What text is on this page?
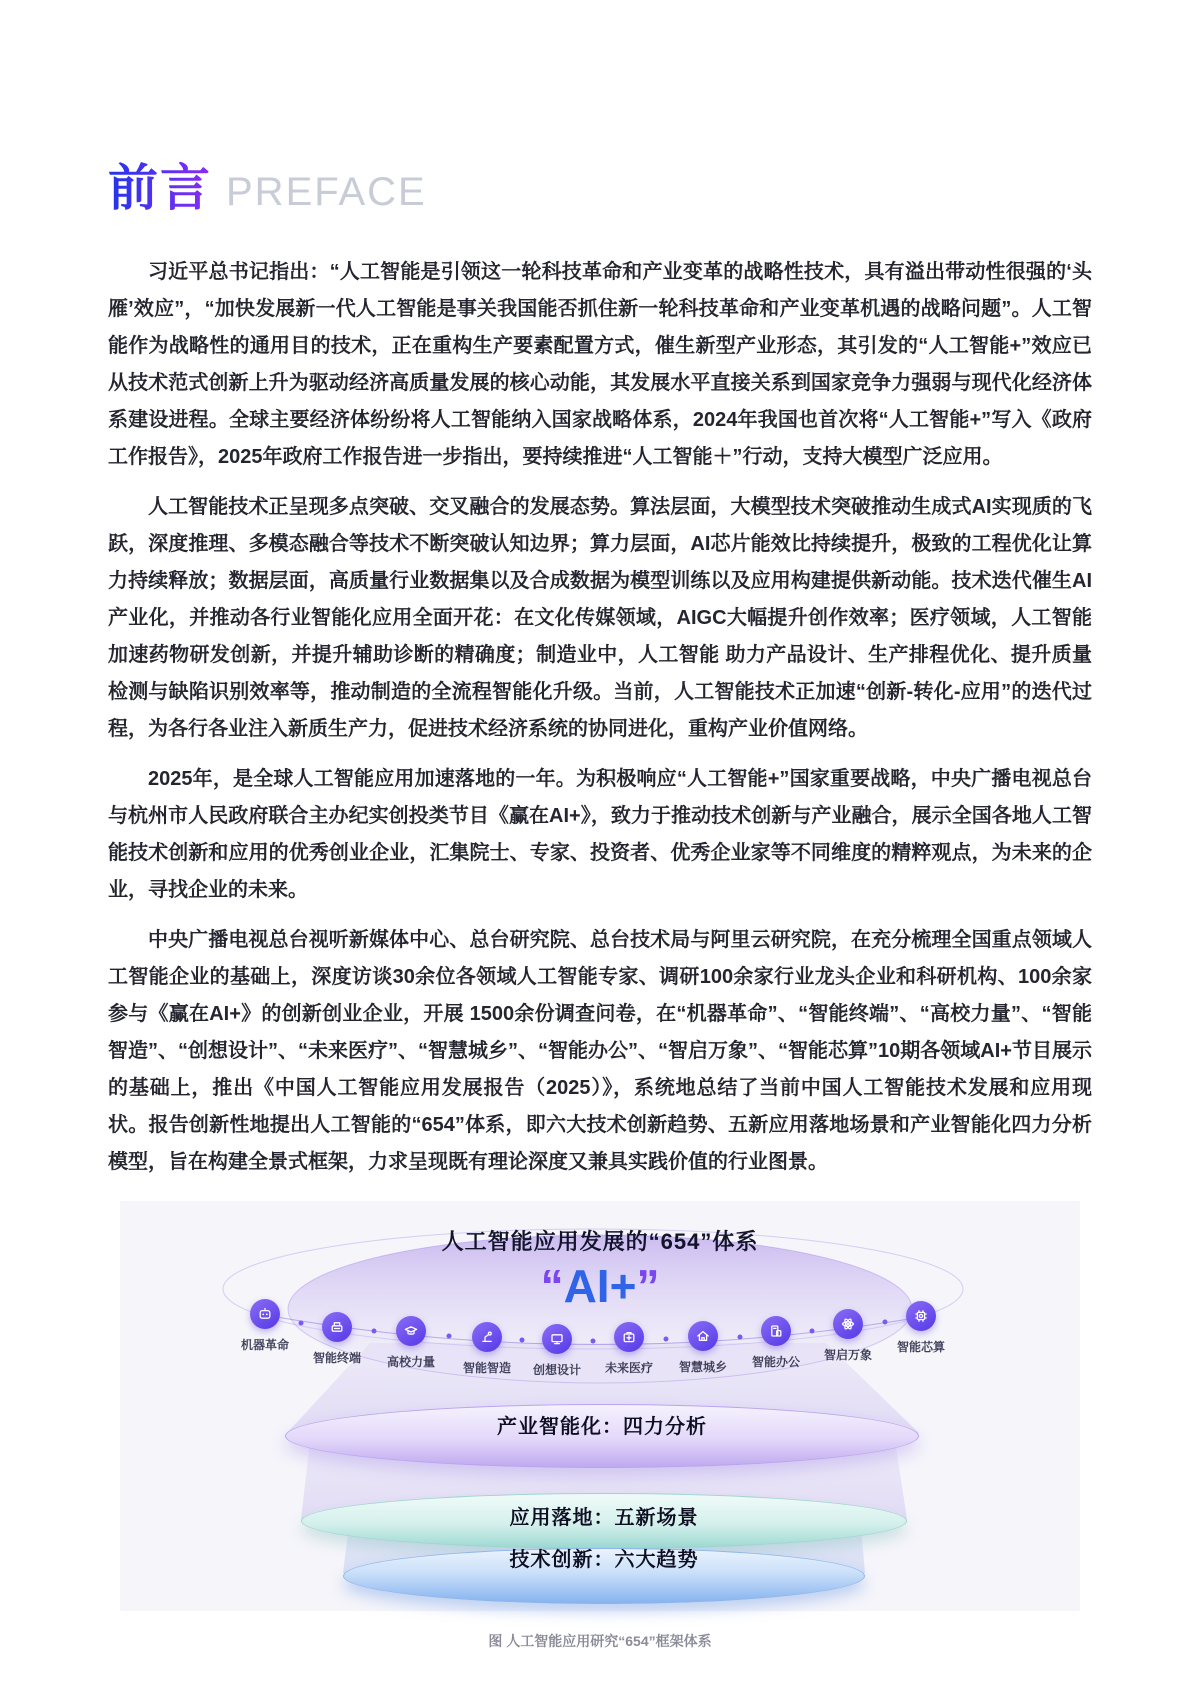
前言 PREFACE

习近平总书记指出：“人工智能是引领这一轮科技革命和产业变革的战略性技术，具有溢出带动性很强的‘头雁’效应”，“加快发展新一代人工智能是事关我国能否抓住新一轮科技革命和产业变革机遇的战略问题”。人工智能作为战略性的通用目的技术，正在重构生产要素配置方式，催生新型产业形态，其引发的“人工智能+”效应已从技术范式创新上升为驱动经济高质量发展的核心动能，其发展水平直接关系到国家竞争力强弱与现代化经济体系建设进程。全球主要经济体纷纷将人工智能纳入国家战略体系，2024年我国也首次将“人工智能+”写入《政府工作报告》，2025年政府工作报告进一步指出，要持续推进“人工智能＋”行动，支持大模型广泛应用。

人工智能技术正呈现多点突破、交叉融合的发展态势。算法层面，大模型技术突破推动生成式AI实现质的飞跃，深度推理、多模态融合等技术不断突破认知边界；算力层面，AI芯片能效比持续提升，极致的工程优化让算力持续释放；数据层面，高质量行业数据集以及合成数据为模型训练以及应用构建提供新动能。技术迭代催生AI产业化，并推动各行业智能化应用全面开花：在文化传媒领域，AIGC大幅提升创作效率；医疗领域，人工智能加速药物研发创新，并提升辅助诊断的精确度；制造业中，人工智能 助力产品设计、生产排程优化、提升质量检测与缺陷识别效率等，推动制造的全流程智能化升级。当前，人工智能技术正加速“创新-转化-应用”的迭代过程，为各行各业注入新质生产力，促进技术经济系统的协同进化，重构产业价值网络。

2025年，是全球人工智能应用加速落地的一年。为积极响应“人工智能+”国家重要战略，中央广播电视总台与杭州市人民政府联合主办纪实创投类节目《赢在AI+》，致力于推动技术创新与产业融合，展示全国各地人工智能技术创新和应用的优秀创业企业，汇集院士、专家、投资者、优秀企业家等不同维度的精粹观点，为未来的企业，寻找企业的未来。

中央广播电视总台视听新媒体中心、总台研究院、总台技术局与阿里云研究院，在充分梳理全国重点领域人工智能企业的基础上，深度访谈30余位各领域人工智能专家、调研100余家行业龙头企业和科研机构、100余家参与《赢在AI+》的创新创业企业，开展 1500余份调查问卷，在“机器革命”、“智能终端”、“高校力量”、“智能智造”、“创想设计”、“未来医疗”、“智慧城乡”、“智能办公”、“智启万象”、“智能芯算”10期各领域AI+节目展示的基础上，推出《中国人工智能应用发展报告（2025）》，系统地总结了当前中国人工智能技术发展和应用现状。报告创新性地提出人工智能的“654”体系，即六大技术创新趋势、五新应用落地场景和产业智能化四力分析模型，旨在构建全景式框架，力求呈现既有理论深度又兼具实践价值的行业图景。

人工智能应用发展的“654”体系
“AI+”
机器革命
智能终端	高校力量	智能智造	创想设计	未来医疗	智慧城乡	智能办公	智启万象
智能芯算
产业智能化：四力分析
应用落地：五新场景
技术创新：六大趋势
图 人工智能应用研究“654”框架体系
